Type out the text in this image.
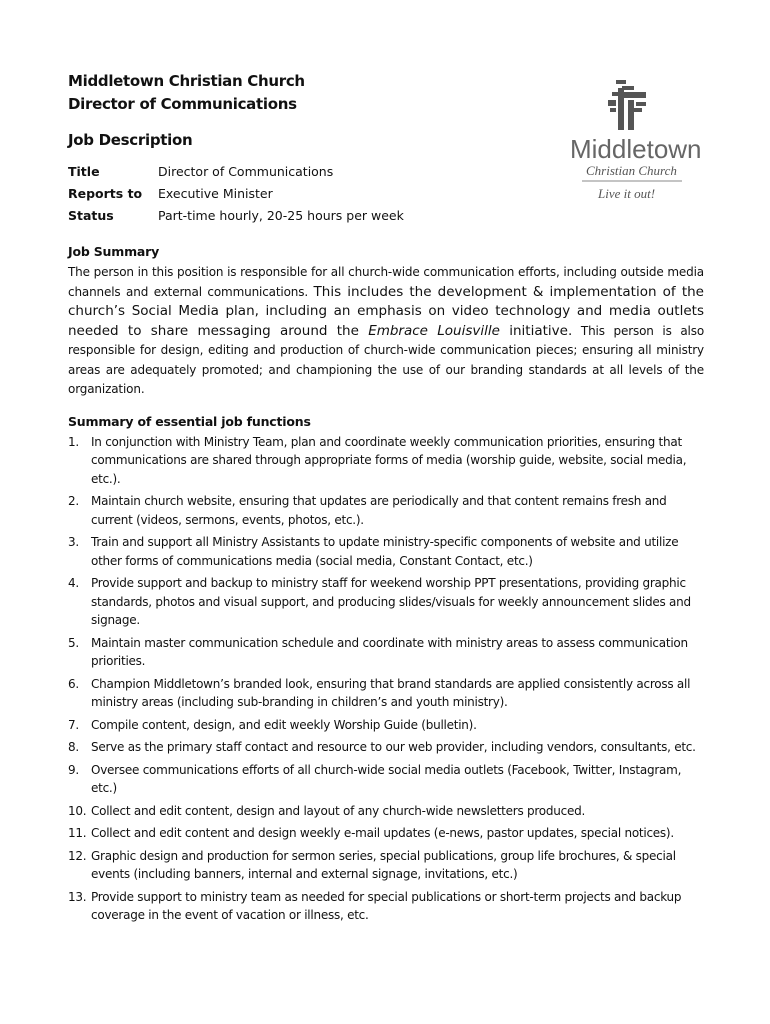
Middletown
Christian Church
Live it out!
Middletown Christian Church
Director of Communications
Job Description
Title	Director of Communications
Reports to	Executive Minister
Status	Part-time hourly, 20-25 hours per week
Job Summary

The person in this position is responsible for all church-wide communication efforts, including outside media channels and external communications. This includes the development & implementation of the church’s Social Media plan, including an emphasis on video technology and media outlets needed to share messaging around the Embrace Louisville initiative. This person is also responsible for design, editing and production of church-wide communication pieces; ensuring all ministry areas are adequately promoted; and championing the use of our branding standards at all levels of the organization.

Summary of essential job functions
1. In conjunction with Ministry Team, plan and coordinate weekly communication priorities, ensuring that communications are shared through appropriate forms of media (worship guide, website, social media, etc.).
2. Maintain church website, ensuring that updates are periodically and that content remains fresh and current (videos, sermons, events, photos, etc.).
3. Train and support all Ministry Assistants to update ministry-specific components of website and utilize other forms of communications media (social media, Constant Contact, etc.)
4. Provide support and backup to ministry staff for weekend worship PPT presentations, providing graphic standards, photos and visual support, and producing slides/visuals for weekly announcement slides and signage.
5. Maintain master communication schedule and coordinate with ministry areas to assess communication priorities.
6. Champion Middletown’s branded look, ensuring that brand standards are applied consistently across all ministry areas (including sub-branding in children’s and youth ministry).
7. Compile content, design, and edit weekly Worship Guide (bulletin).
8. Serve as the primary staff contact and resource to our web provider, including vendors, consultants, etc.
9. Oversee communications efforts of all church-wide social media outlets (Facebook, Twitter, Instagram, etc.)
10. Collect and edit content, design and layout of any church-wide newsletters produced.
11. Collect and edit content and design weekly e-mail updates (e-news, pastor updates, special notices).
12. Graphic design and production for sermon series, special publications, group life brochures, & special events (including banners, internal and external signage, invitations, etc.)
13. Provide support to ministry team as needed for special publications or short-term projects and backup coverage in the event of vacation or illness, etc.
